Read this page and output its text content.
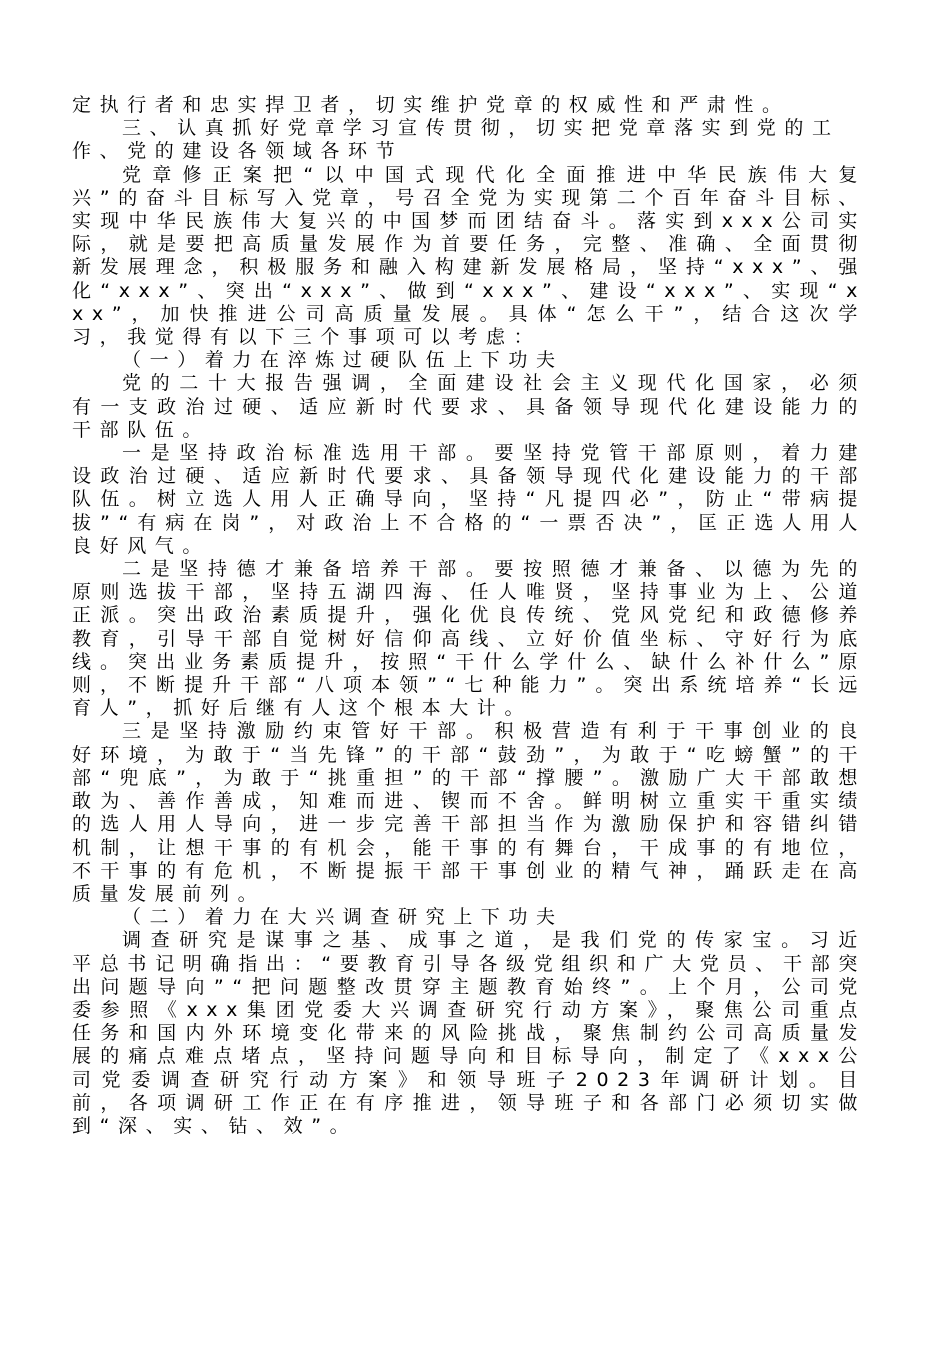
定执行者和忠实捍卫者，切实维护党章的权威性和严肃性。

三、认真抓好党章学习宣传贯彻，切实把党章落实到党的工作、党的建设各领域各环节

党章修正案把“以中国式现代化全面推进中华民族伟大复兴”的奋斗目标写入党章，号召全党为实现第二个百年奋斗目标、实现中华民族伟大复兴的中国梦而团结奋斗。落实到xxx公司实际，就是要把高质量发展作为首要任务，完整、准确、全面贯彻新发展理念，积极服务和融入构建新发展格局，坚持“xxx”、强化“xxx”、突出“xxx”、做到“xxx”、建设“xxx”、实现“xxx”，加快推进公司高质量发展。具体“怎么干”，结合这次学习，我觉得有以下三个事项可以考虑：

（一）着力在淬炼过硬队伍上下功夫

党的二十大报告强调，全面建设社会主义现代化国家，必须有一支政治过硬、适应新时代要求、具备领导现代化建设能力的干部队伍。

一是坚持政治标准选用干部。要坚持党管干部原则，着力建设政治过硬、适应新时代要求、具备领导现代化建设能力的干部队伍。树立选人用人正确导向，坚持“凡提四必”，防止“带病提拔”“有病在岗”，对政治上不合格的“一票否决”，匡正选人用人良好风气。

二是坚持德才兼备培养干部。要按照德才兼备、以德为先的原则选拔干部，坚持五湖四海、任人唯贤，坚持事业为上、公道正派。突出政治素质提升，强化优良传统、党风党纪和政德修养教育，引导干部自觉树好信仰高线、立好价值坐标、守好行为底线。突出业务素质提升，按照“干什么学什么、缺什么补什么”原则，不断提升干部“八项本领”“七种能力”。突出系统培养“长远育人”，抓好后继有人这个根本大计。

三是坚持激励约束管好干部。积极营造有利于干事创业的良好环境，为敢于“当先锋”的干部“鼓劲”，为敢于“吃螃蟹”的干部“兜底”，为敢于“挑重担”的干部“撑腰”。激励广大干部敢想敢为、善作善成，知难而进、锲而不舍。鲜明树立重实干重实绩的选人用人导向，进一步完善干部担当作为激励保护和容错纠错机制，让想干事的有机会，能干事的有舞台，干成事的有地位，不干事的有危机，不断提振干部干事创业的精气神，踊跃走在高质量发展前列。

（二）着力在大兴调查研究上下功夫

调查研究是谋事之基、成事之道，是我们党的传家宝。习近平总书记明确指出：“要教育引导各级党组织和广大党员、干部突出问题导向”“把问题整改贯穿主题教育始终”。上个月，公司党委参照《xxx集团党委大兴调查研究行动方案》，聚焦公司重点任务和国内外环境变化带来的风险挑战，聚焦制约公司高质量发展的痛点难点堵点，坚持问题导向和目标导向，制定了《xxx公司党委调查研究行动方案》和领导班子2023年调研计划。目前，各项调研工作正在有序推进，领导班子和各部门必须切实做到“深、实、钻、效”。
